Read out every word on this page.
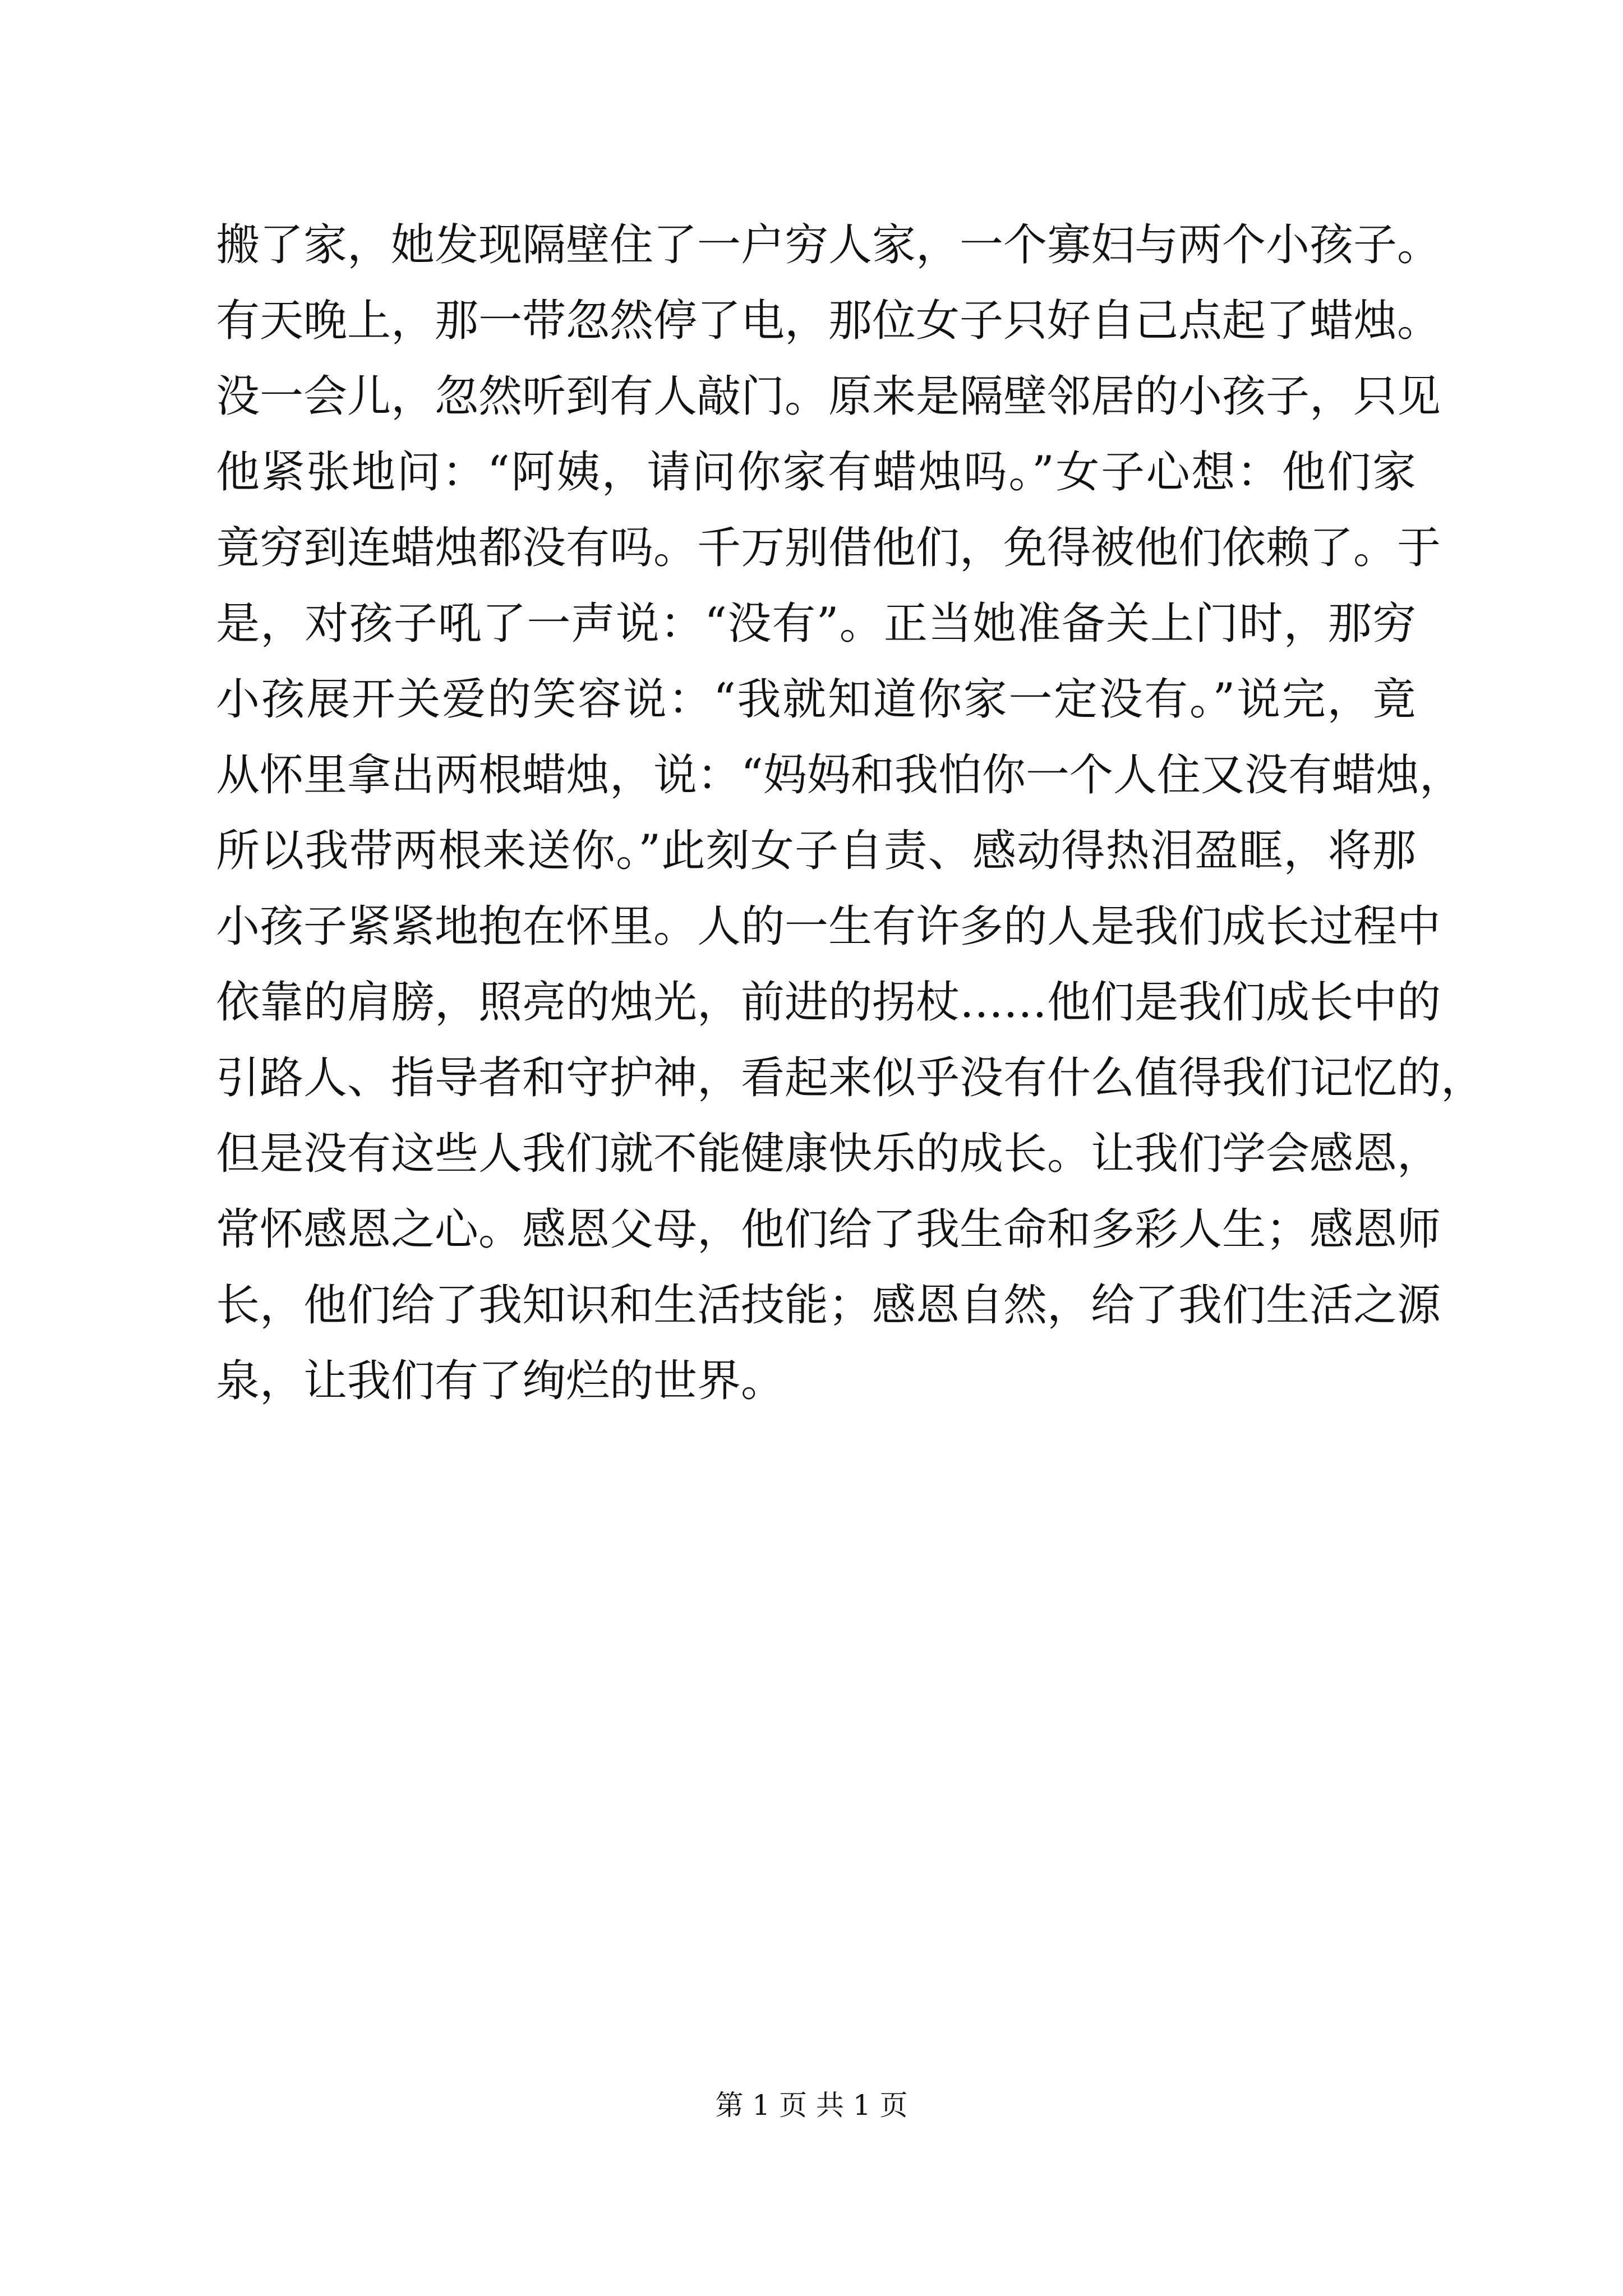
搬了家，她发现隔壁住了一户穷人家，一个寡妇与两个小孩子。
有天晚上，那一带忽然停了电，那位女子只好自己点起了蜡烛。
没一会儿，忽然听到有人敲门。原来是隔壁邻居的小孩子，只见
他紧张地问：“阿姨，请问你家有蜡烛吗。”女子心想：他们家
竟穷到连蜡烛都没有吗。千万别借他们，免得被他们依赖了。于
是，对孩子吼了一声说：“没有”。正当她准备关上门时，那穷
小孩展开关爱的笑容说：“我就知道你家一定没有。”说完，竟
从怀里拿出两根蜡烛，说：“妈妈和我怕你一个人住又没有蜡烛，
所以我带两根来送你。”此刻女子自责、感动得热泪盈眶，将那
小孩子紧紧地抱在怀里。人的一生有许多的人是我们成长过程中
依靠的肩膀，照亮的烛光，前进的拐杖……他们是我们成长中的
引路人、指导者和守护神，看起来似乎没有什么值得我们记忆的，
但是没有这些人我们就不能健康快乐的成长。让我们学会感恩，
常怀感恩之心。感恩父母，他们给了我生命和多彩人生；感恩师
长，他们给了我知识和生活技能；感恩自然，给了我们生活之源
泉，让我们有了绚烂的世界。
第 1 页 共 1 页
